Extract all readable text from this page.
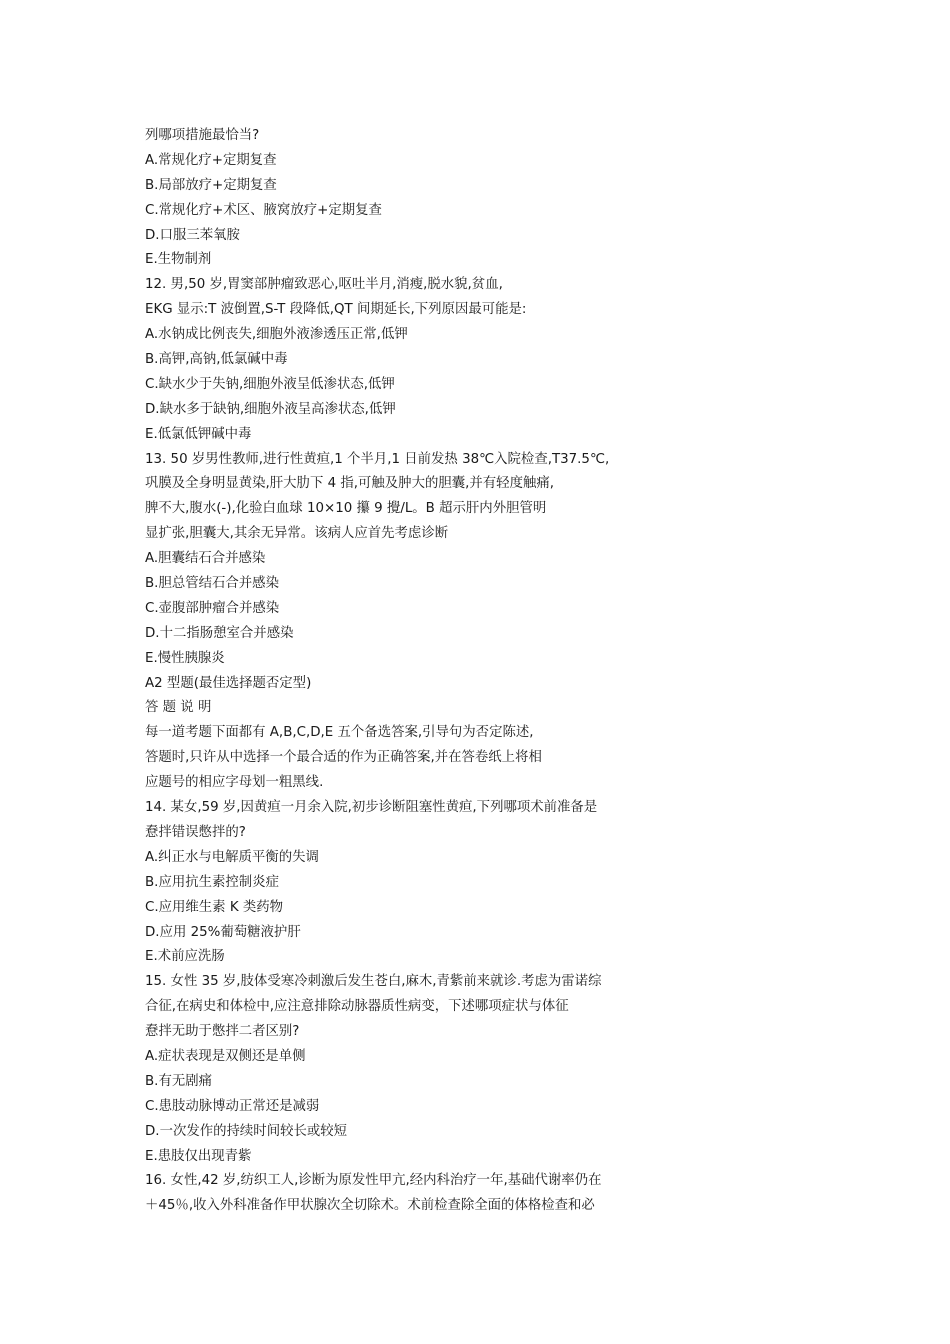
列哪项措施最恰当?
A.常规化疗+定期复查
B.局部放疗+定期复查
C.常规化疗+术区、腋窝放疗+定期复查
D.口服三苯氧胺
E.生物制剂
12. 男,50 岁,胃窦部肿瘤致恶心,呕吐半月,消瘦,脱水貌,贫血,
EKG 显示:T 波倒置,S-T 段降低,QT 间期延长,下列原因最可能是:
A.水钠成比例丧失,细胞外液渗透压正常,低钾
B.高钾,高钠,低氯碱中毒
C.缺水少于失钠,细胞外液呈低渗状态,低钾
D.缺水多于缺钠,细胞外液呈高渗状态,低钾
E.低氯低钾碱中毒
13. 50 岁男性教师,进行性黄疸,1 个半月,1 日前发热 38℃入院检查,T37.5℃,
巩膜及全身明显黄染,肝大肋下 4 指,可触及肿大的胆囊,并有轻度触痛,
脾不大,腹水(-),化验白血球 10×10 攥 9 攪/L。B 超示肝内外胆管明
显扩张,胆囊大,其余无异常。该病人应首先考虑诊断
A.胆囊结石合并感染
B.胆总管结石合并感染
C.壶腹部肿瘤合并感染
D.十二指肠憩室合并感染
E.慢性胰腺炎
A2 型题(最佳选择题否定型)
答 题 说 明
每一道考题下面都有 A,B,C,D,E 五个备选答案,引导句为否定陈述,
答题时,只许从中选择一个最合适的作为正确答案,并在答卷纸上将相
应题号的相应字母划一粗黑线.
14. 某女,59 岁,因黄疸一月余入院,初步诊断阻塞性黄疸,下列哪项术前准备是
憃拌错误憋拌的?
A.纠正水与电解质平衡的失调
B.应用抗生素控制炎症
C.应用维生素 K 类药物
D.应用 25%葡萄糖液护肝
E.术前应洗肠
15. 女性 35 岁,肢体受寒冷刺激后发生苍白,麻木,青紫前来就诊.考虑为雷诺综
合征,在病史和体检中,应注意排除动脉器质性病变，下述哪项症状与体征
憃拌无助于憋拌二者区别?
A.症状表现是双侧还是单侧
B.有无剧痛
C.患肢动脉博动正常还是减弱
D.一次发作的持续时间较长或较短
E.患肢仅出现青紫
16. 女性,42 岁,纺织工人,诊断为原发性甲亢,经内科治疗一年,基础代谢率仍在
＋45％,收入外科准备作甲状腺次全切除术。术前检查除全面的体格检查和必
